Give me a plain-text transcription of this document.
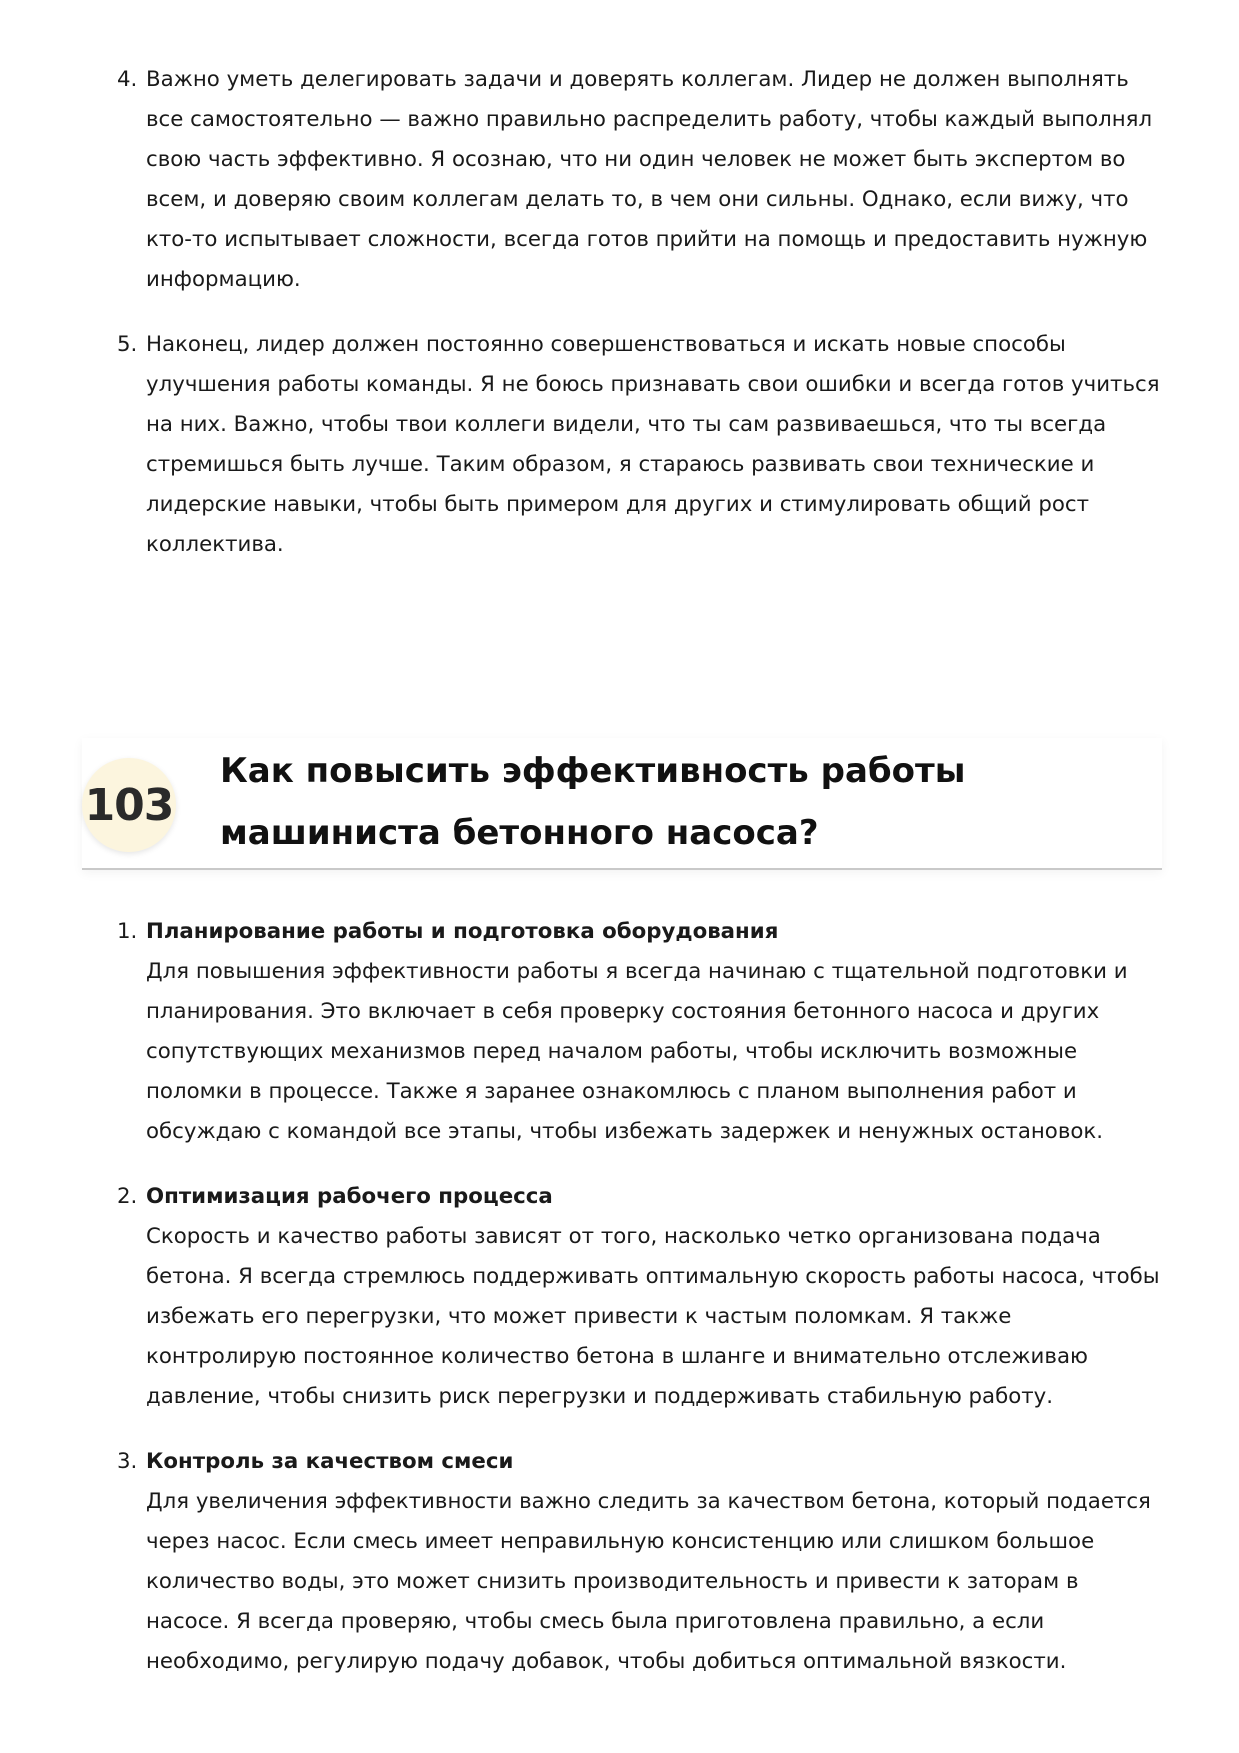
4. Важно уметь делегировать задачи и доверять коллегам. Лидер не должен выполнять все самостоятельно — важно правильно распределить работу, чтобы каждый выполнял свою часть эффективно. Я осознаю, что ни один человек не может быть экспертом во всем, и доверяю своим коллегам делать то, в чем они сильны. Однако, если вижу, что кто-то испытывает сложности, всегда готов прийти на помощь и предоставить нужную информацию.
5. Наконец, лидер должен постоянно совершенствоваться и искать новые способы улучшения работы команды. Я не боюсь признавать свои ошибки и всегда готов учиться на них. Важно, чтобы твои коллеги видели, что ты сам развиваешься, что ты всегда стремишься быть лучше. Таким образом, я стараюсь развивать свои технические и лидерские навыки, чтобы быть примером для других и стимулировать общий рост коллектива.
103
Как повысить эффективность работы машиниста бетонного насоса?
1. Планирование работы и подготовка оборудования
Для повышения эффективности работы я всегда начинаю с тщательной подготовки и планирования. Это включает в себя проверку состояния бетонного насоса и других сопутствующих механизмов перед началом работы, чтобы исключить возможные поломки в процессе. Также я заранее ознакомлюсь с планом выполнения работ и обсуждаю с командой все этапы, чтобы избежать задержек и ненужных остановок.
2. Оптимизация рабочего процесса
Скорость и качество работы зависят от того, насколько четко организована подача бетона. Я всегда стремлюсь поддерживать оптимальную скорость работы насоса, чтобы избежать его перегрузки, что может привести к частым поломкам. Я также контролирую постоянное количество бетона в шланге и внимательно отслеживаю давление, чтобы снизить риск перегрузки и поддерживать стабильную работу.
3. Контроль за качеством смеси
Для увеличения эффективности важно следить за качеством бетона, который подается через насос. Если смесь имеет неправильную консистенцию или слишком большое количество воды, это может снизить производительность и привести к заторам в насосе. Я всегда проверяю, чтобы смесь была приготовлена правильно, а если необходимо, регулирую подачу добавок, чтобы добиться оптимальной вязкости.
